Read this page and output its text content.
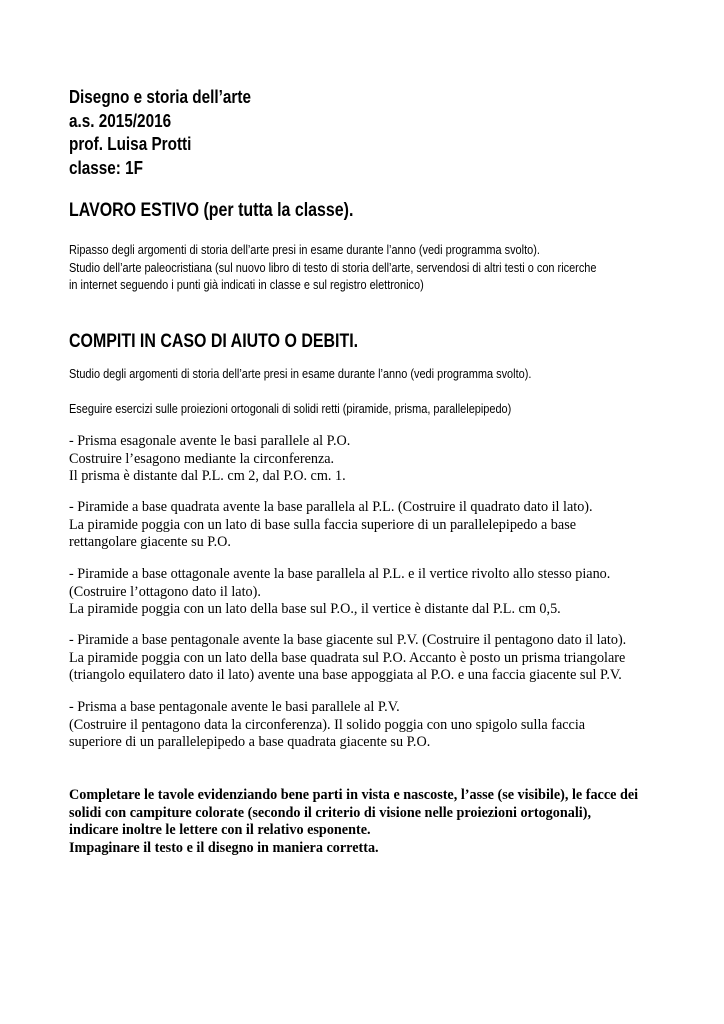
Disegno e storia dell’arte
a.s. 2015/2016
prof. Luisa Protti
classe: 1F
LAVORO ESTIVO (per tutta la classe).
Ripasso degli argomenti di storia dell’arte presi in esame durante l’anno (vedi programma svolto).
Studio dell’arte paleocristiana (sul nuovo libro di testo di storia dell’arte, servendosi di altri testi o con ricerche
in internet seguendo i punti già indicati in classe e sul registro elettronico)
COMPITI IN CASO DI AIUTO O DEBITI.
Studio degli argomenti di storia dell’arte presi in esame durante l’anno (vedi programma svolto).
Eseguire esercizi sulle proiezioni ortogonali di solidi retti (piramide, prisma, parallelepipedo)
- Prisma esagonale avente le basi parallele al P.O.
Costruire l’esagono mediante la circonferenza.
Il prisma è distante dal P.L. cm 2, dal P.O. cm. 1.
- Piramide a base quadrata avente la base parallela al P.L. (Costruire il quadrato dato il lato).
La piramide poggia con un lato di base sulla faccia superiore di un parallelepipedo a base
rettangolare giacente su P.O.
- Piramide a base ottagonale avente la base parallela al P.L. e il vertice rivolto allo stesso piano.
(Costruire l’ottagono dato il lato).
La piramide poggia con un lato della base sul P.O., il vertice è distante dal P.L. cm 0,5.
- Piramide a base pentagonale avente la base giacente sul P.V. (Costruire il pentagono dato il lato).
La piramide poggia con un lato della base quadrata sul P.O. Accanto è posto un prisma triangolare
(triangolo equilatero dato il lato) avente una base appoggiata al P.O. e una faccia giacente sul P.V.
- Prisma a base pentagonale avente le basi parallele al P.V.
(Costruire il pentagono data la circonferenza). Il solido poggia con uno spigolo sulla faccia
superiore di un parallelepipedo a base quadrata giacente su P.O.
Completare le tavole evidenziando bene parti in vista e nascoste, l’asse (se visibile), le facce dei
solidi con campiture colorate (secondo il criterio di visione nelle proiezioni ortogonali),
indicare inoltre le lettere con il relativo esponente.
Impaginare il testo e il disegno in maniera corretta.
